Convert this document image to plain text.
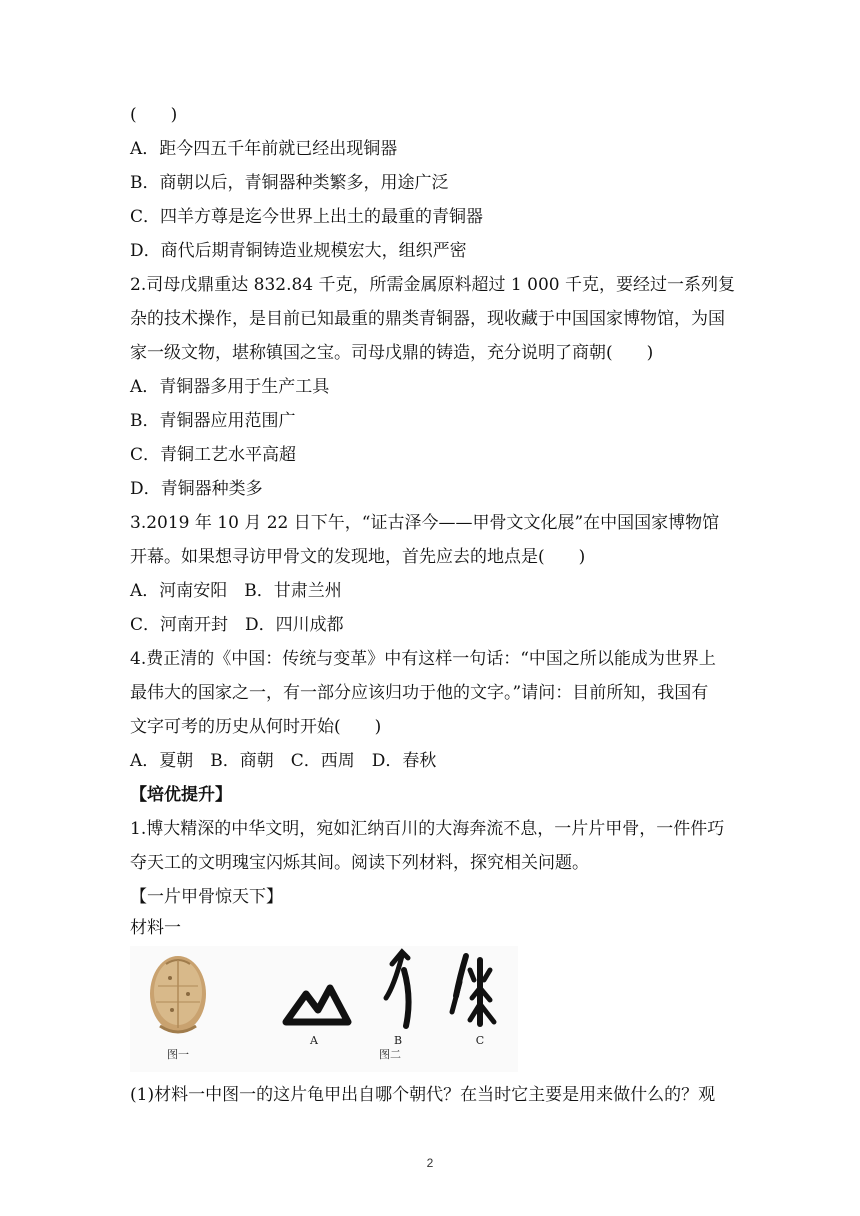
(　　)
A．距今四五千年前就已经出现铜器
B．商朝以后，青铜器种类繁多，用途广泛
C．四羊方尊是迄今世界上出土的最重的青铜器
D．商代后期青铜铸造业规模宏大，组织严密
2.司母戊鼎重达 832.84 千克，所需金属原料超过 1 000 千克，要经过一系列复
杂的技术操作，是目前已知最重的鼎类青铜器，现收藏于中国国家博物馆，为国
家一级文物，堪称镇国之宝。司母戊鼎的铸造，充分说明了商朝(　　)
A．青铜器多用于生产工具
B．青铜器应用范围广
C．青铜工艺水平高超
D．青铜器种类多
3.2019 年 10 月 22 日下午，“证古泽今——甲骨文文化展”在中国国家博物馆
开幕。如果想寻访甲骨文的发现地，首先应去的地点是(　　)
A．河南安阳　B．甘肃兰州
C．河南开封　D．四川成都
4.费正清的《中国：传统与变革》中有这样一句话：“中国之所以能成为世界上
最伟大的国家之一，有一部分应该归功于他的文字。”请问：目前所知，我国有
文字可考的历史从何时开始(　　)
A．夏朝　B．商朝　C．西周　D．春秋
【培优提升】
1.博大精深的中华文明，宛如汇纳百川的大海奔流不息，一片片甲骨，一件件巧
夺天工的文明瑰宝闪烁其间。阅读下列材料，探究相关问题。
【一片甲骨惊天下】
材料一
A	B	C
图一	图二
(1)材料一中图一的这片龟甲出自哪个朝代？在当时它主要是用来做什么的？观
2
